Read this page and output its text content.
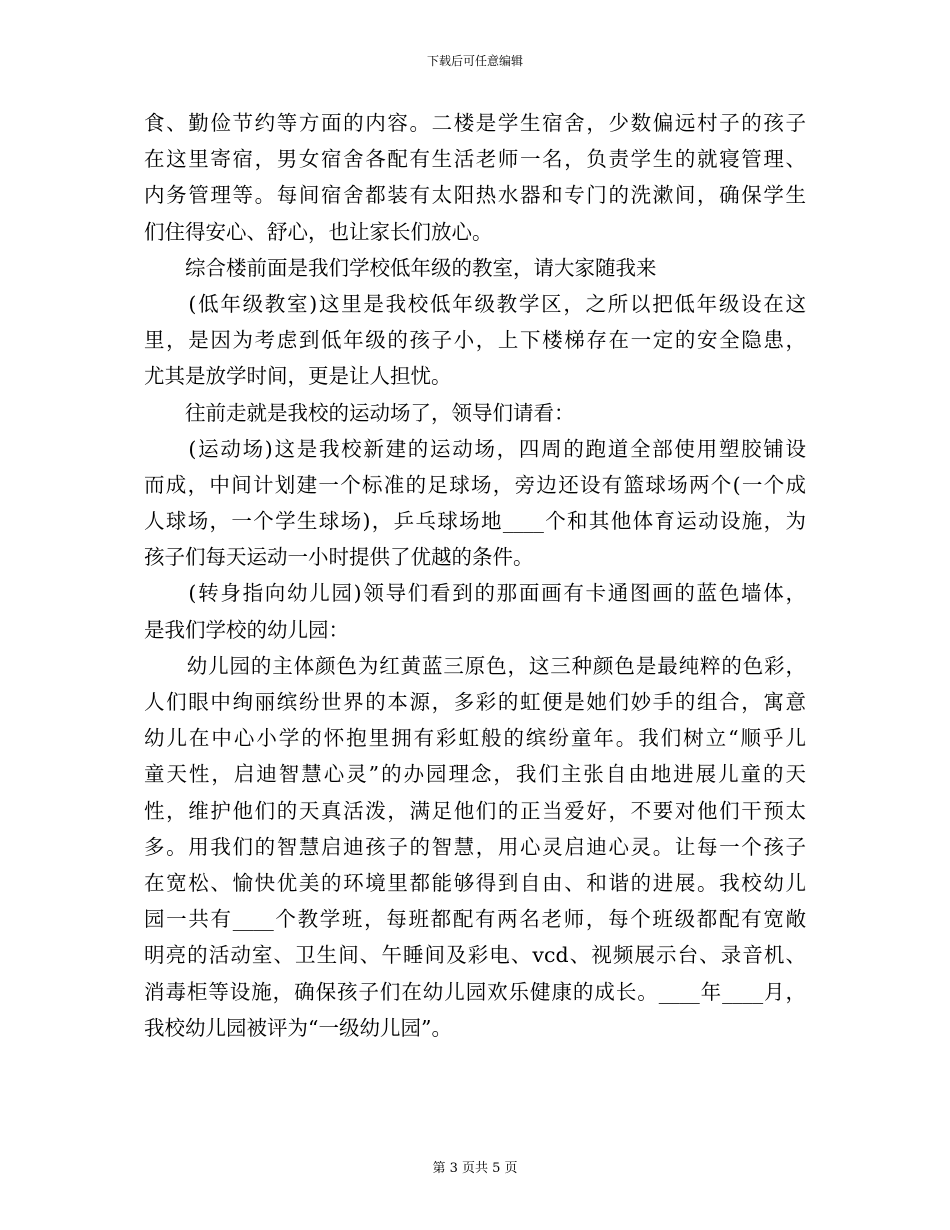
下载后可任意编辑
食、勤俭节约等方面的内容。二楼是学生宿舍，少数偏远村子的孩子
在这里寄宿，男女宿舍各配有生活老师一名，负责学生的就寝管理、
内务管理等。每间宿舍都装有太阳热水器和专门的洗漱间，确保学生
们住得安心、舒心，也让家长们放心。
　　综合楼前面是我们学校低年级的教室，请大家随我来
　　(低年级教室)这里是我校低年级教学区，之所以把低年级设在这
里，是因为考虑到低年级的孩子小，上下楼梯存在一定的安全隐患，
尤其是放学时间，更是让人担忧。
　　往前走就是我校的运动场了，领导们请看：
　　(运动场)这是我校新建的运动场，四周的跑道全部使用塑胶铺设
而成，中间计划建一个标准的足球场，旁边还设有篮球场两个(一个成
人球场，一个学生球场)，乒乓球场地____个和其他体育运动设施，为
孩子们每天运动一小时提供了优越的条件。
　　(转身指向幼儿园)领导们看到的那面画有卡通图画的蓝色墙体，
是我们学校的幼儿园：
　　幼儿园的主体颜色为红黄蓝三原色，这三种颜色是最纯粹的色彩，
人们眼中绚丽缤纷世界的本源，多彩的虹便是她们妙手的组合，寓意
幼儿在中心小学的怀抱里拥有彩虹般的缤纷童年。我们树立“顺乎儿
童天性，启迪智慧心灵”的办园理念，我们主张自由地进展儿童的天
性，维护他们的天真活泼，满足他们的正当爱好，不要对他们干预太
多。用我们的智慧启迪孩子的智慧，用心灵启迪心灵。让每一个孩子
在宽松、愉快优美的环境里都能够得到自由、和谐的进展。我校幼儿
园一共有____个教学班，每班都配有两名老师，每个班级都配有宽敞
明亮的活动室、卫生间、午睡间及彩电、vcd、视频展示台、录音机、
消毒柜等设施，确保孩子们在幼儿园欢乐健康的成长。____年____月，
我校幼儿园被评为“一级幼儿园”。
第 3 页共 5 页
